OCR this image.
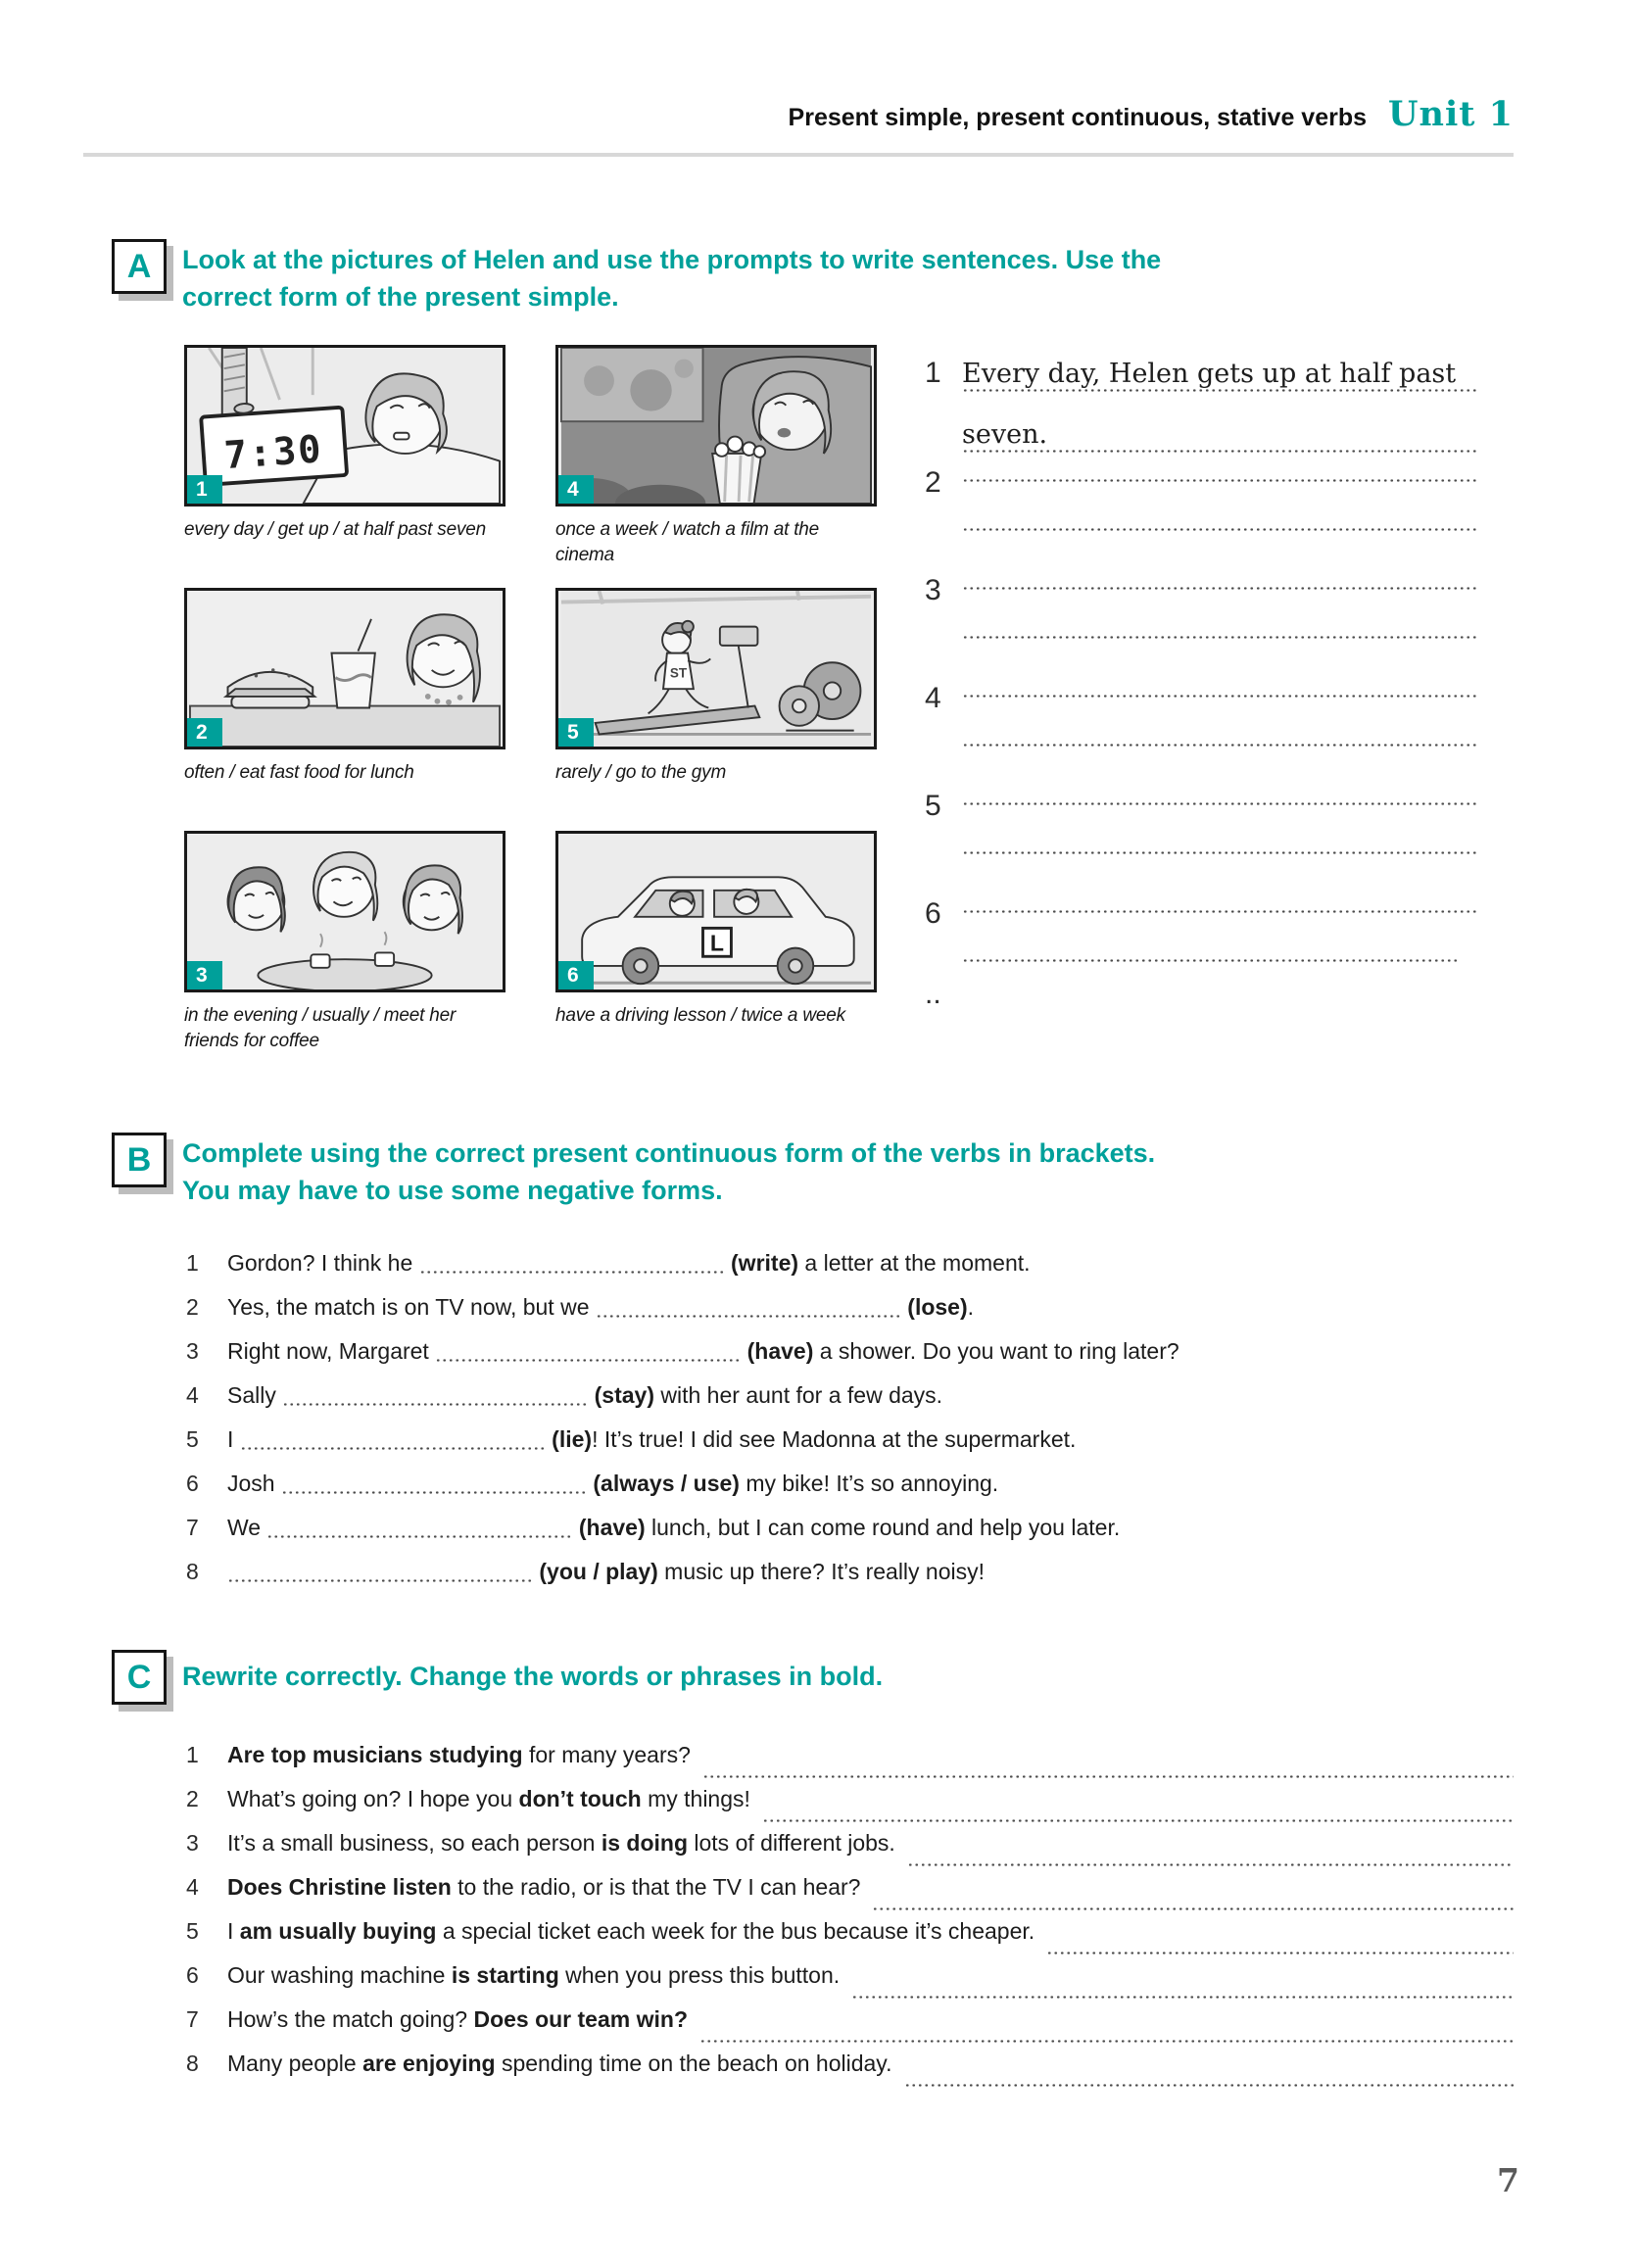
Present simple, present continuous, stative verbs Unit 1
A Look at the pictures of Helen and use the prompts to write sentences. Use the
correct form of the present simple.
7:30
1
every day / get up / at half past seven
4
once a week / watch a film at the cinema
2
often / eat fast food for lunch
ST
5
rarely / go to the gym
3
in the evening / usually / meet her friends for coffee
L
6
have a driving lesson / twice a week
1 Every day, Helen gets up at half past
seven.
..
2
3
4
5
6
B Complete using the correct present continuous form of the verbs in brackets.
You may have to use some negative forms.
1 Gordon? I think he	(write) a letter at the moment.
2 Yes, the match is on TV now, but we	(lose).
3 Right now, Margaret	(have) a shower. Do you want to ring later?
4 Sally	(stay) with her aunt for a few days.
5 I	(lie)! It’s true! I did see Madonna at the supermarket.
6 Josh	(always / use) my bike! It’s so annoying.
7 We	(have) lunch, but I can come round and help you later.
8	(you / play) music up there? It’s really noisy!
C Rewrite correctly. Change the words or phrases in bold.
1	Are top musicians studying for many years?
2	What’s going on? I hope you don’t touch my things!
3	It’s a small business, so each person is doing lots of different jobs.
4	Does Christine listen to the radio, or is that the TV I can hear?
5	I am usually buying a special ticket each week for the bus because it’s cheaper.
6	Our washing machine is starting when you press this button.
7	How’s the match going? Does our team win?
8	Many people are enjoying spending time on the beach on holiday.
7
